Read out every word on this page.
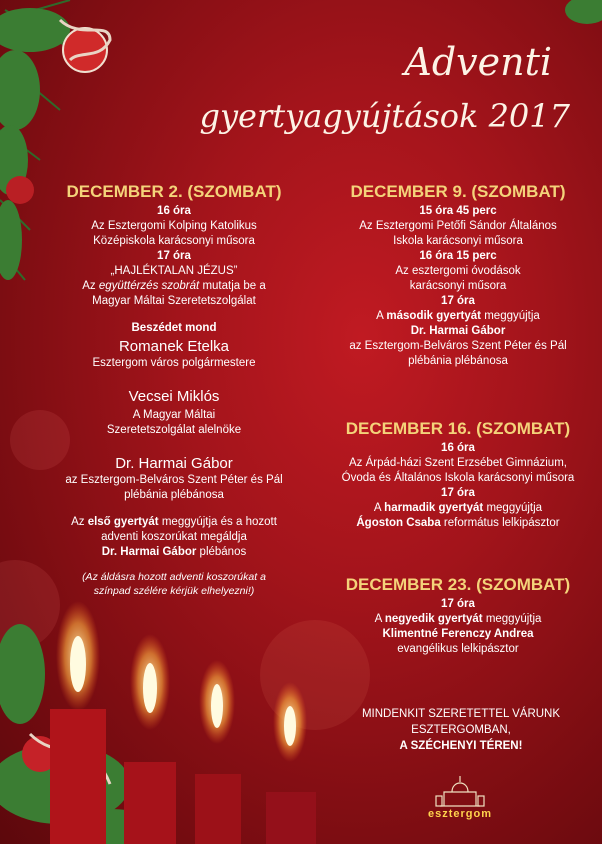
Adventi
gyertyagyújtások 2017
DECEMBER 2. (SZOMBAT)
16 óra
Az Esztergomi Kolping Katolikus
Középiskola karácsonyi műsora
17 óra
„HAJLÉKTALAN JÉZUS”
Az együttérzés szobrát mutatja be a
Magyar Máltai Szeretetszolgálat
Beszédet mond
Romanek Etelka
Esztergom város polgármestere
Vecsei Miklós
A Magyar Máltai
Szeretetszolgálat alelnöke
Dr. Harmai Gábor
az Esztergom-Belváros Szent Péter és Pál
plébánia plébánosa
Az első gyertyát meggyújtja és a hozott
adventi koszorúkat megáldja
Dr. Harmai Gábor plébános
(Az áldásra hozott adventi koszorúkat a
színpad szélére kérjük elhelyezni!)
DECEMBER 9. (SZOMBAT)
15 óra 45 perc
Az Esztergomi Petőfi Sándor Általános
Iskola karácsonyi műsora
16 óra 15 perc
Az esztergomi óvodások
karácsonyi műsora
17 óra
A második gyertyát meggyújtja
Dr. Harmai Gábor
az Esztergom-Belváros Szent Péter és Pál
plébánia plébánosa
DECEMBER 16. (SZOMBAT)
16 óra
Az Árpád-házi Szent Erzsébet Gimnázium,
Óvoda és Általános Iskola karácsonyi műsora
17 óra
A harmadik gyertyát meggyújtja
Ágoston Csaba református lelkipásztor
DECEMBER 23. (SZOMBAT)
17 óra
A negyedik gyertyát meggyújtja
Klimentné Ferenczy Andrea
evangélikus lelkipásztor
MINDENKIT SZERETETTEL VÁRUNK
ESZTERGOMBAN,
A SZÉCHENYI TÉREN!
esztergom
